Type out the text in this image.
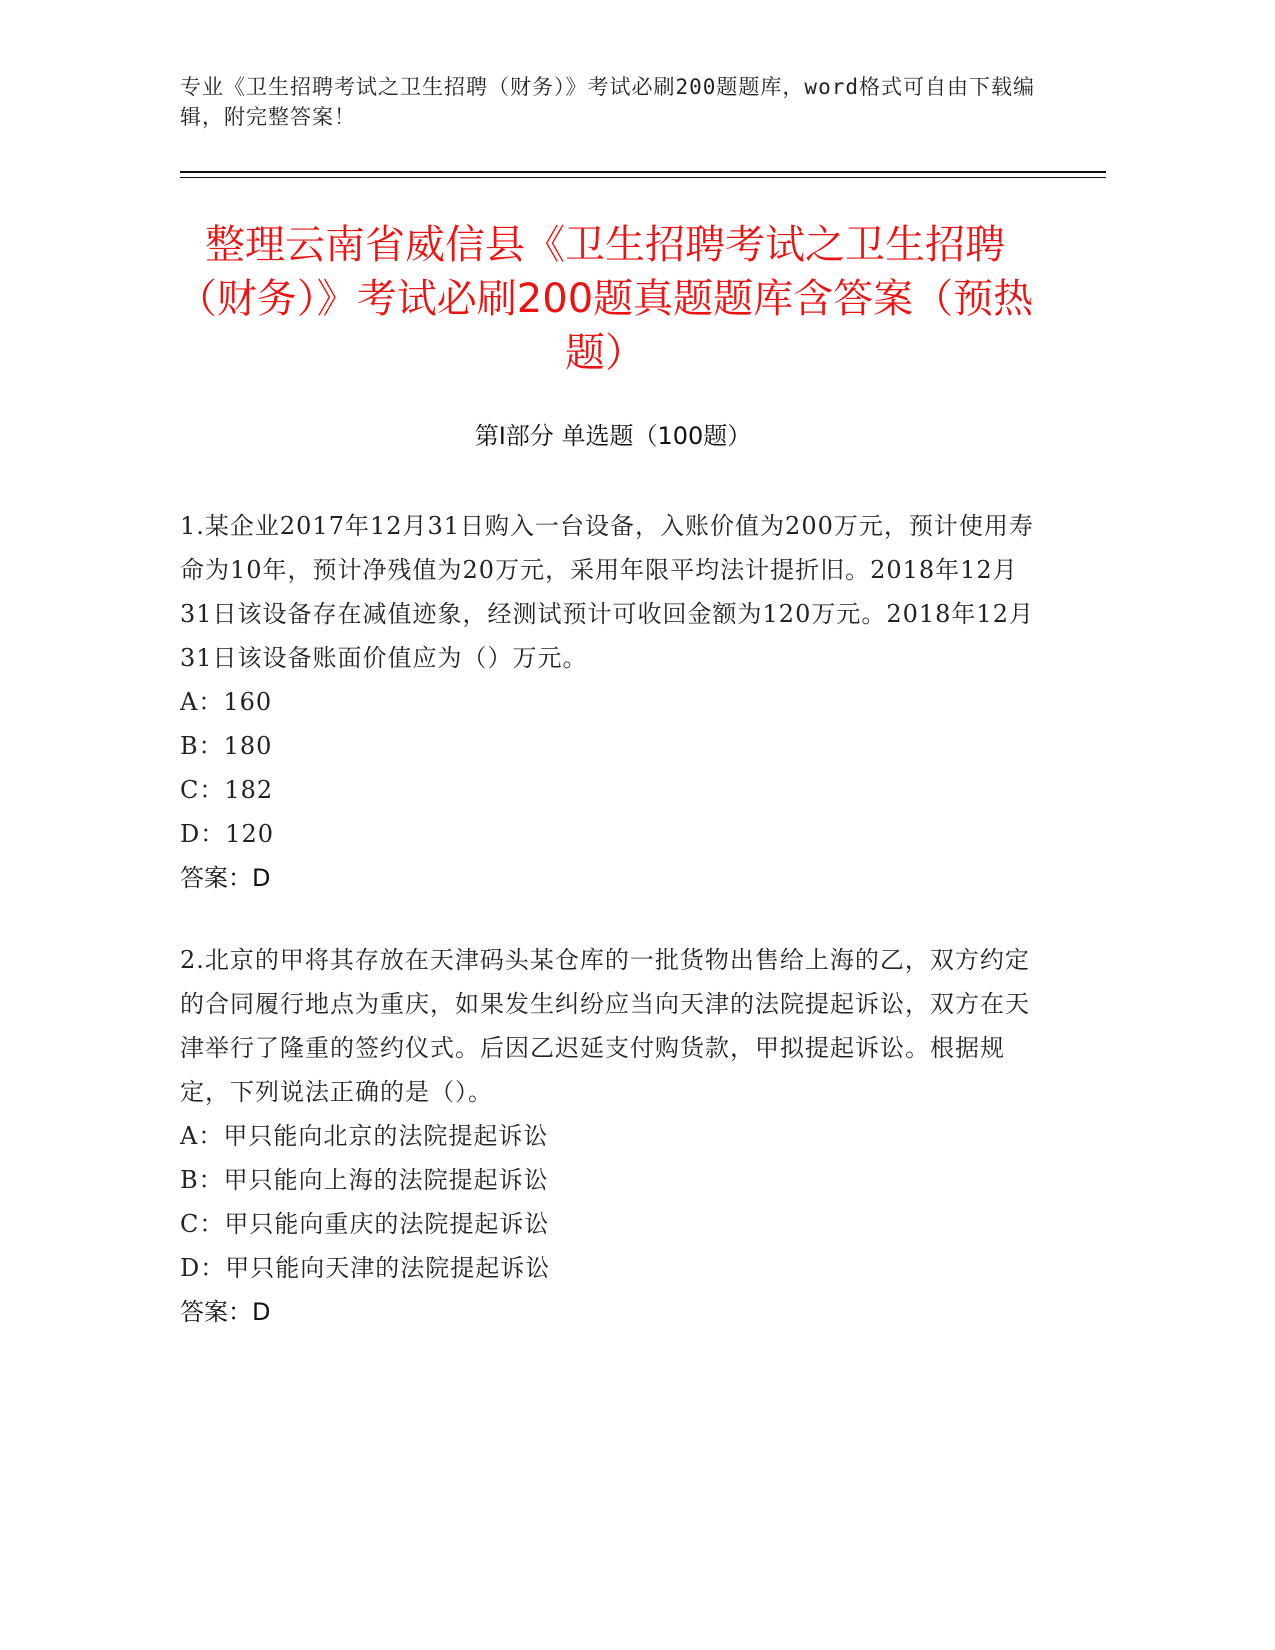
专业《卫生招聘考试之卫生招聘（财务）》考试必刷200题题库，word格式可自由下载编辑，附完整答案！
整理云南省威信县《卫生招聘考试之卫生招聘（财务）》考试必刷200题真题题库含答案（预热题）
第Ⅰ部分 单选题（100题）
1.某企业2017年12月31日购入一台设备，入账价值为200万元，预计使用寿命为10年，预计净残值为20万元，采用年限平均法计提折旧。2018年12月31日该设备存在减值迹象，经测试预计可收回金额为120万元。2018年12月31日该设备账面价值应为（）万元。
A：160
B：180
C：182
D：120
答案：D
2.北京的甲将其存放在天津码头某仓库的一批货物出售给上海的乙，双方约定的合同履行地点为重庆，如果发生纠纷应当向天津的法院提起诉讼，双方在天津举行了隆重的签约仪式。后因乙迟延支付购货款，甲拟提起诉讼。根据规定，下列说法正确的是（）。
A：甲只能向北京的法院提起诉讼
B：甲只能向上海的法院提起诉讼
C：甲只能向重庆的法院提起诉讼
D：甲只能向天津的法院提起诉讼
答案：D
